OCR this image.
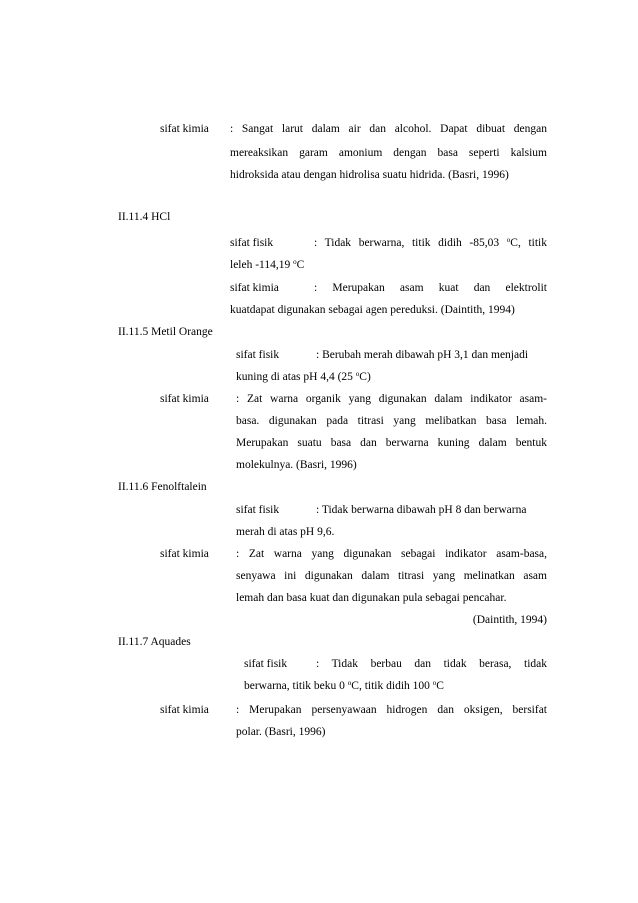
sifat kimia : Sangat larut dalam air dan alcohol. Dapat dibuat dengan
mereaksikan garam amonium dengan basa seperti kalsium
hidroksida atau dengan hidrolisa suatu hidrida. (Basri, 1996)
II.11.4 HCl
sifat fisik	: Tidak berwarna, titik didih -85,03 $^o$C, titik
leleh -114,19 $^o$C
sifat kimia	: Merupakan asam kuat dan elektrolit
kuatdapat digunakan sebagai agen pereduksi. (Daintith, 1994)
II.11.5 Metil Orange
sifat fisik	: Berubah merah dibawah pH 3,1 dan menjadi
kuning di atas pH 4,4 (25 $^o$C)
sifat kimia : Zat warna organik yang digunakan dalam indikator asam-
basa. digunakan pada titrasi yang melibatkan basa lemah.
Merupakan suatu basa dan berwarna kuning dalam bentuk
molekulnya. (Basri, 1996)
II.11.6 Fenolftalein
sifat fisik	: Tidak berwarna dibawah pH 8 dan berwarna
merah di atas pH 9,6.
sifat kimia : Zat warna yang digunakan sebagai indikator asam-basa,
senyawa ini digunakan dalam titrasi yang melinatkan asam
lemah dan basa kuat dan digunakan pula sebagai pencahar.
(Daintith, 1994)
II.11.7 Aquades
sifat fisik	: Tidak berbau dan tidak berasa, tidak
berwarna, titik beku 0 $^o$C, titik didih 100 $^o$C
sifat kimia : Merupakan persenyawaan hidrogen dan oksigen, bersifat
polar. (Basri, 1996)
